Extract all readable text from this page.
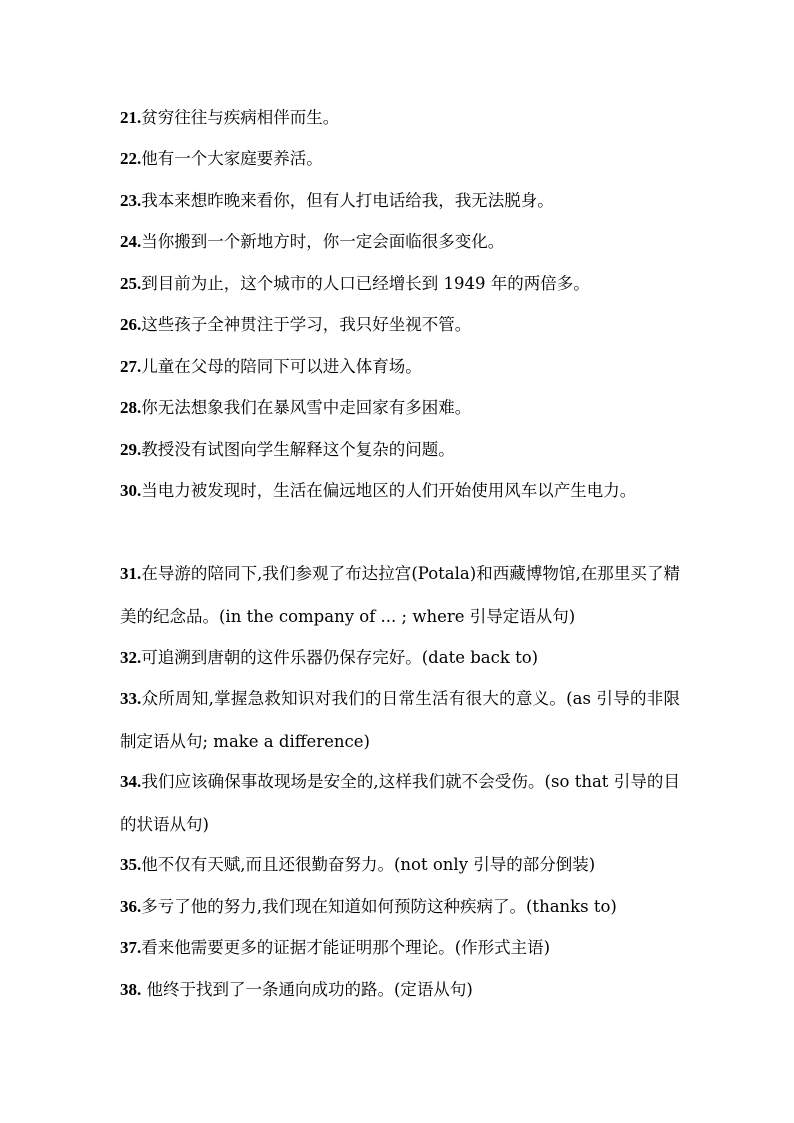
21.贫穷往往与疾病相伴而生。
22.他有一个大家庭要养活。
23.我本来想昨晚来看你，但有人打电话给我，我无法脱身。
24.当你搬到一个新地方时，你一定会面临很多变化。
25.到目前为止，这个城市的人口已经增长到 1949 年的两倍多。
26.这些孩子全神贯注于学习，我只好坐视不管。
27.儿童在父母的陪同下可以进入体育场。
28.你无法想象我们在暴风雪中走回家有多困难。
29.教授没有试图向学生解释这个复杂的问题。
30.当电力被发现时，生活在偏远地区的人们开始使用风车以产生电力。
31.在导游的陪同下,我们参观了布达拉宫(Potala)和西藏博物馆,在那里买了精美的纪念品。(in the company of ... ; where 引导定语从句)
32.可追溯到唐朝的这件乐器仍保存完好。(date back to)
33.众所周知,掌握急救知识对我们的日常生活有很大的意义。(as 引导的非限制定语从句; make a difference)
34.我们应该确保事故现场是安全的,这样我们就不会受伤。(so that 引导的目的状语从句)
35.他不仅有天赋,而且还很勤奋努力。(not only 引导的部分倒装)
36.多亏了他的努力,我们现在知道如何预防这种疾病了。(thanks to)
37.看来他需要更多的证据才能证明那个理论。(作形式主语)
38. 他终于找到了一条通向成功的路。(定语从句)
